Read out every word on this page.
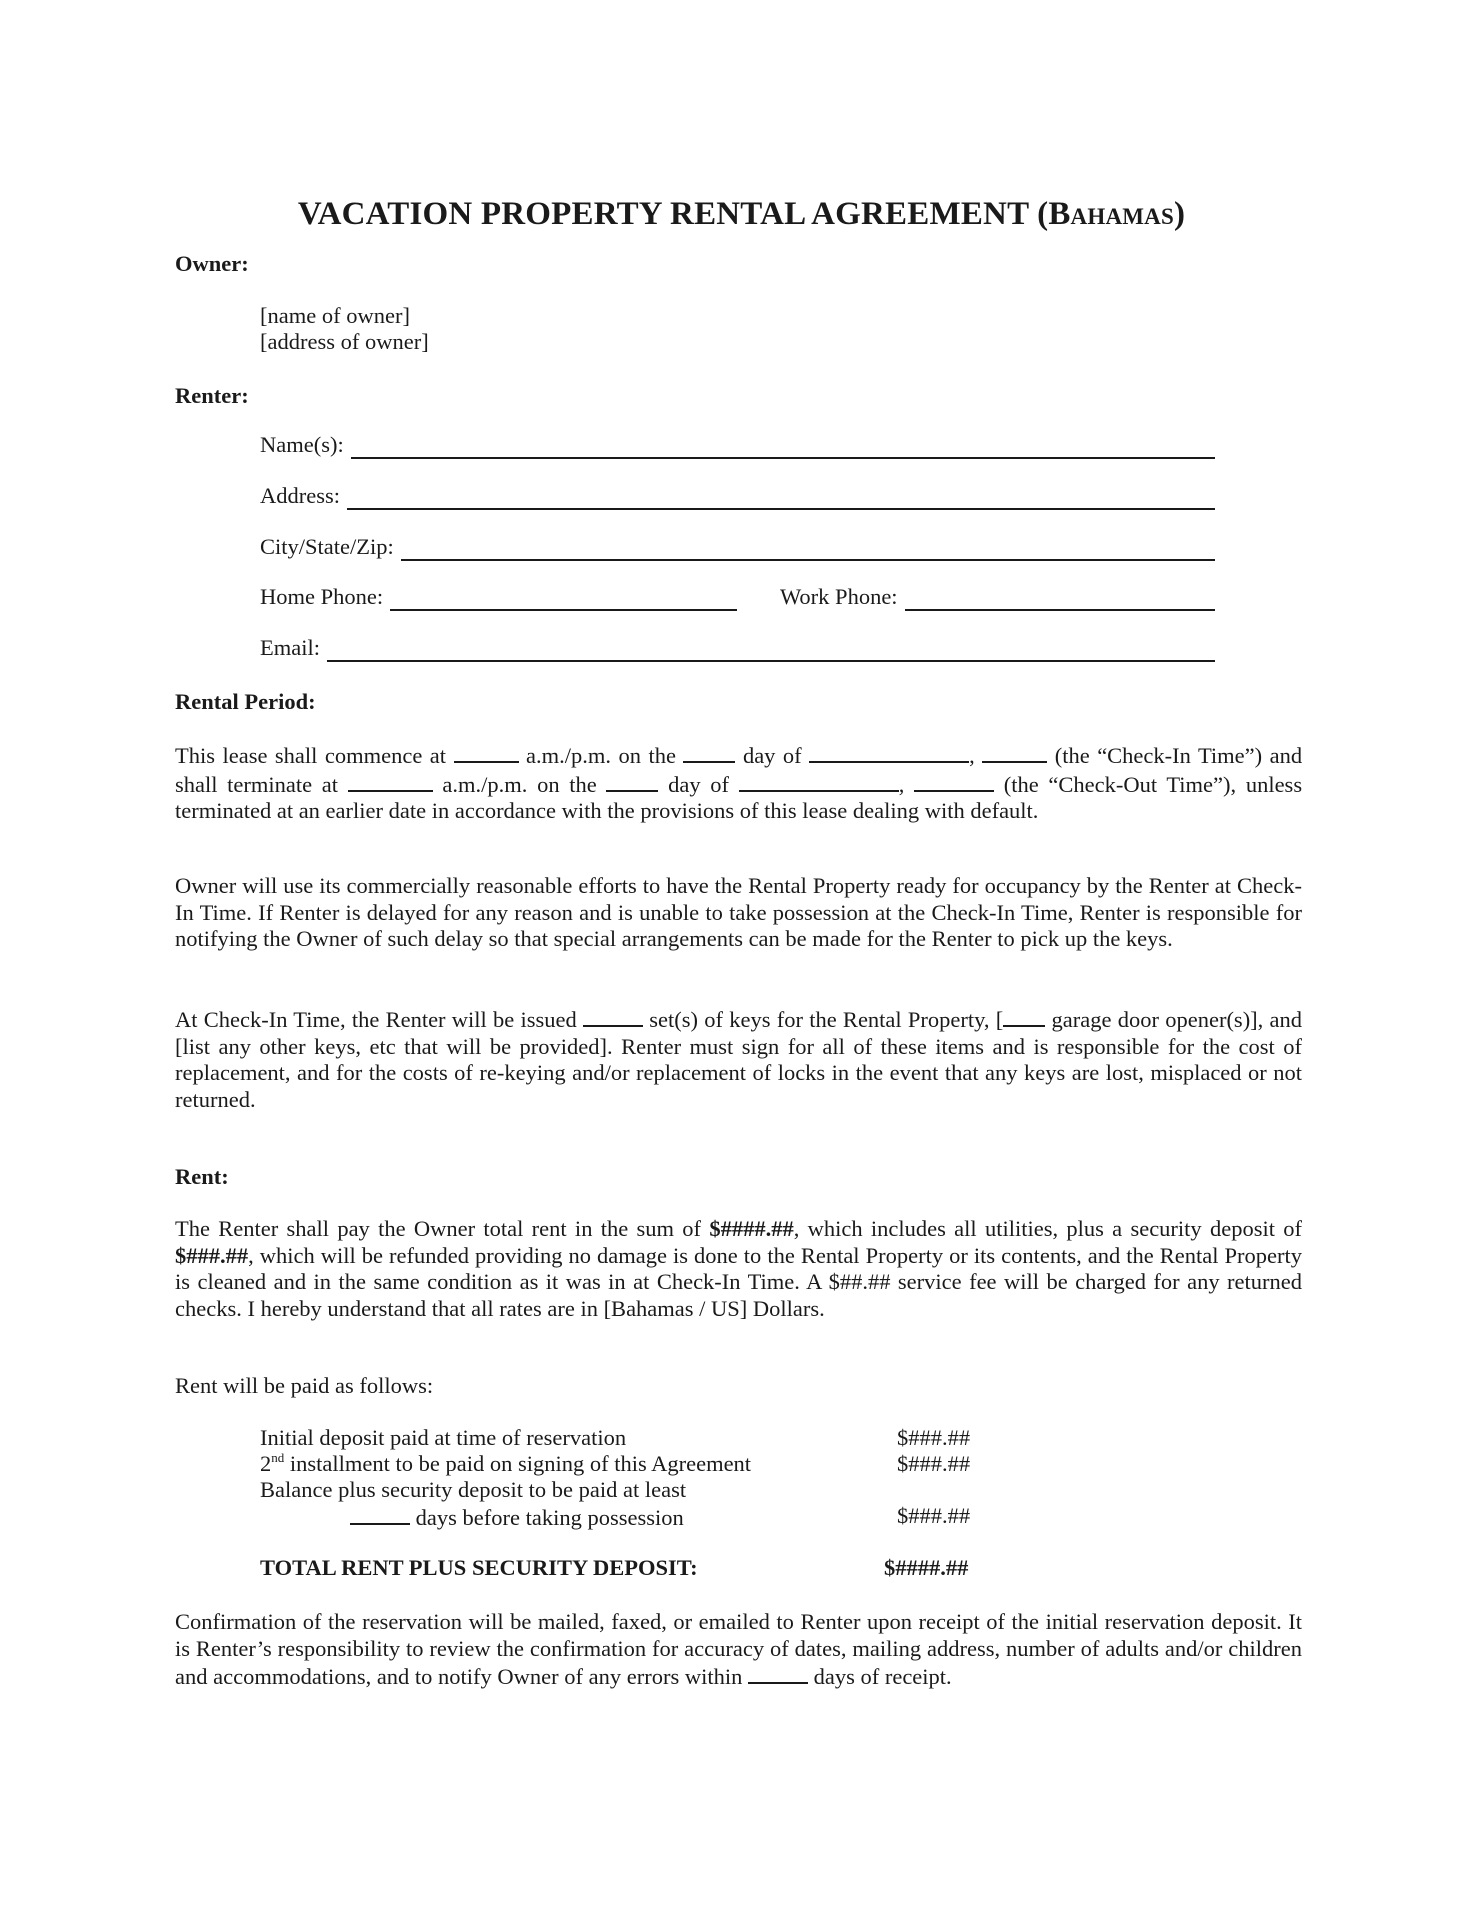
VACATION PROPERTY RENTAL AGREEMENT (Bahamas)
Owner:
[name of owner]
[address of owner]
Renter:
Name(s):
Address:
City/State/Zip:
Home Phone:	Work Phone:
Email:
Rental Period:

This lease shall commence at	a.m./p.m. on the	day of	,	(the “Check-In Time”) and shall terminate at	a.m./p.m. on the	day of	,	(the “Check-Out Time”), unless terminated at an earlier date in accordance with the provisions of this lease dealing with default.

Owner will use its commercially reasonable efforts to have the Rental Property ready for occupancy by the Renter at Check-In Time. If Renter is delayed for any reason and is unable to take possession at the Check-In Time, Renter is responsible for notifying the Owner of such delay so that special arrangements can be made for the Renter to pick up the keys.

At Check-In Time, the Renter will be issued	set(s) of keys for the Rental Property, [ garage door opener(s)], and [list any other keys, etc that will be provided]. Renter must sign for all of these items and is responsible for the cost of replacement, and for the costs of re-keying and/or replacement of locks in the event that any keys are lost, misplaced or not returned.

Rent:

The Renter shall pay the Owner total rent in the sum of $####.##, which includes all utilities, plus a security deposit of $###.##, which will be refunded providing no damage is done to the Rental Property or its contents, and the Rental Property is cleaned and in the same condition as it was in at Check-In Time. A $##.## service fee will be charged for any returned checks. I hereby understand that all rates are in [Bahamas / US] Dollars.

Rent will be paid as follows:
Initial deposit paid at time of reservation	$###.##
2nd installment to be paid on signing of this Agreement	$###.##
Balance plus security deposit to be paid at least
days before taking possession	$###.##
TOTAL RENT PLUS SECURITY DEPOSIT:	$####.##

Confirmation of the reservation will be mailed, faxed, or emailed to Renter upon receipt of the initial reservation deposit. It is Renter’s responsibility to review the confirmation for accuracy of dates, mailing address, number of adults and/or children and accommodations, and to notify Owner of any errors within	days of receipt.
